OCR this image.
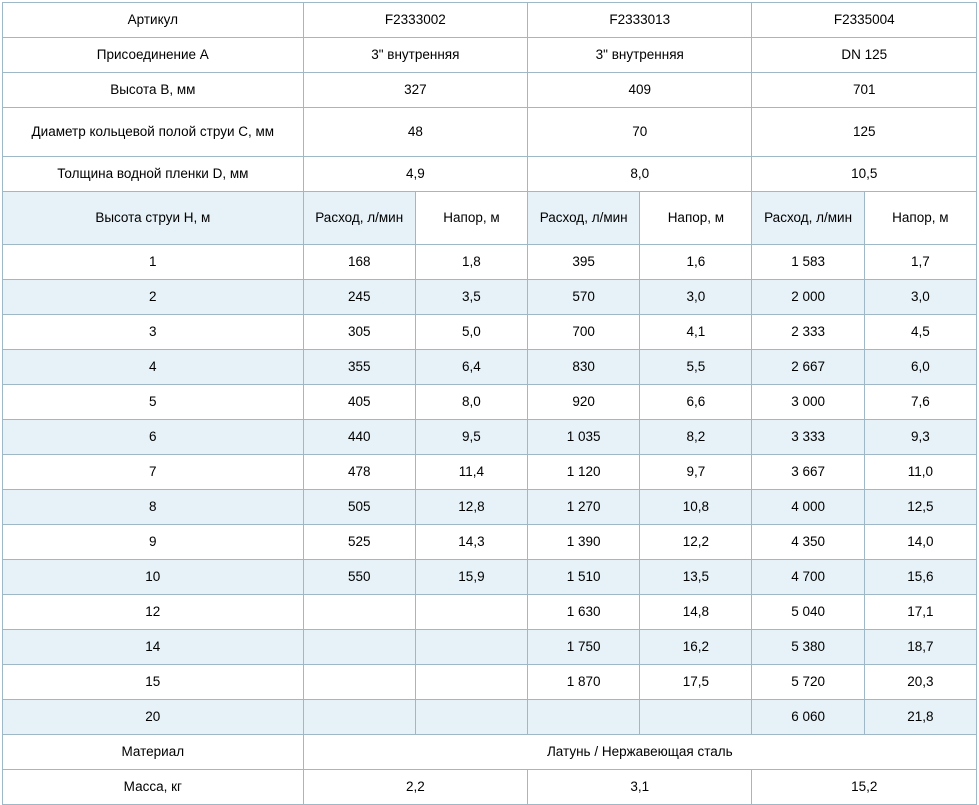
Артикул	F2333002		F2333013		F2335004	
Присоединение A	3" внутренняя		3" внутренняя		DN 125	
Высота B, мм	327		409		701	
Диаметр кольцевой полой струи C, мм	48		70		125	
Толщина водной пленки D, мм	4,9		8,0		10,5	
Высота струи H, м	Расход, л/мин	Напор, м	Расход, л/мин	Напор, м	Расход, л/мин	Напор, м
1	168	1,8	395	1,6	1 583	1,7
2	245	3,5	570	3,0	2 000	3,0
3	305	5,0	700	4,1	2 333	4,5
4	355	6,4	830	5,5	2 667	6,0
5	405	8,0	920	6,6	3 000	7,6
6	440	9,5	1 035	8,2	3 333	9,3
7	478	11,4	1 120	9,7	3 667	11,0
8	505	12,8	1 270	10,8	4 000	12,5
9	525	14,3	1 390	12,2	4 350	14,0
10	550	15,9	1 510	13,5	4 700	15,6
12			1 630	14,8	5 040	17,1
14			1 750	16,2	5 380	18,7
15			1 870	17,5	5 720	20,3
20					6 060	21,8
Материал	Латунь / Нержавеющая сталь					
Масса, кг	2,2		3,1		15,2	
